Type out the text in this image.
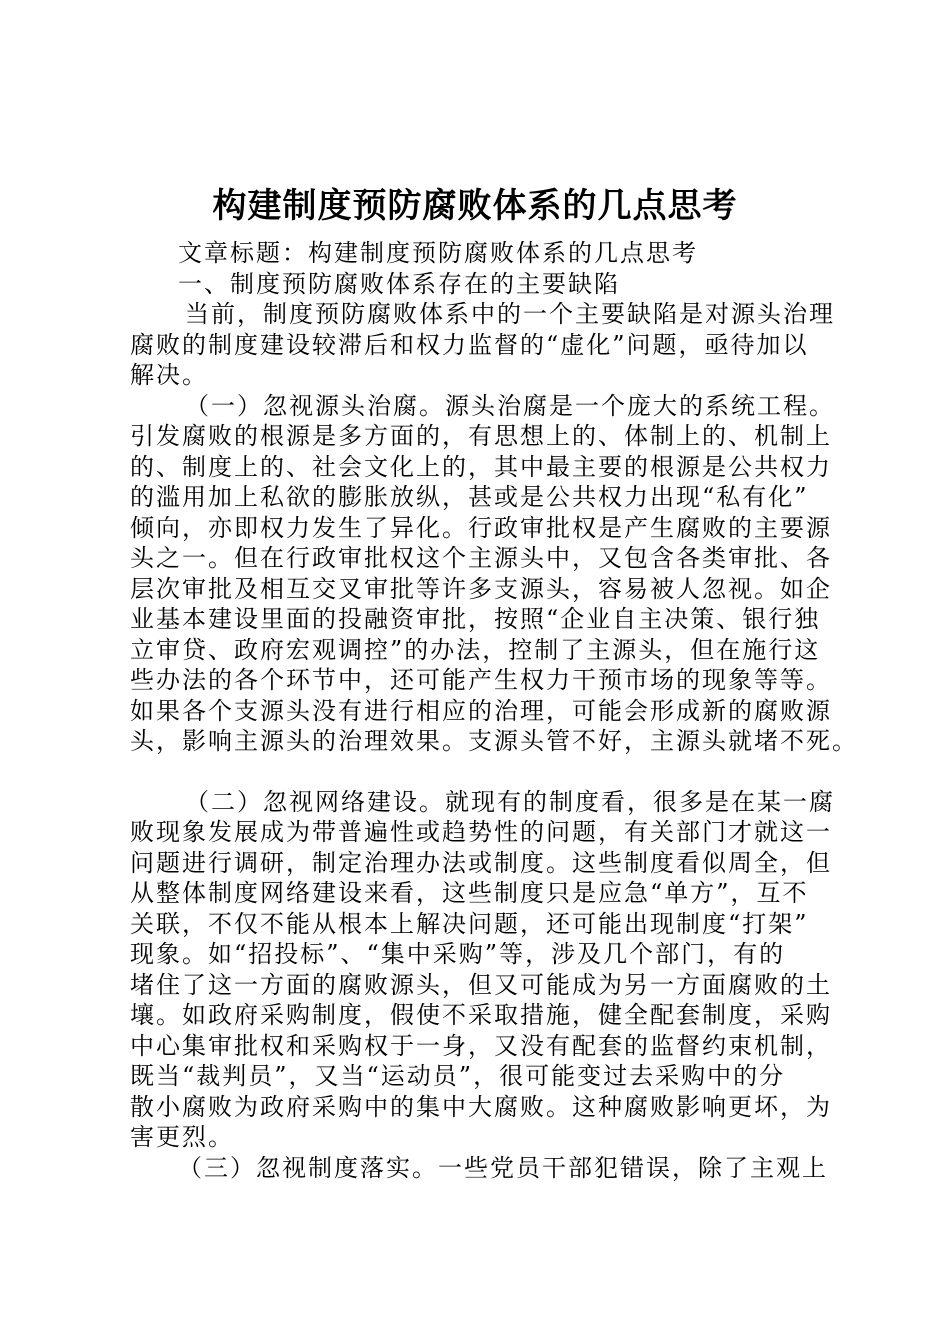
构建制度预防腐败体系的几点思考
文章标题：构建制度预防腐败体系的几点思考
一、制度预防腐败体系存在的主要缺陷
当前，制度预防腐败体系中的一个主要缺陷是对源头治理
腐败的制度建设较滞后和权力监督的“虚化”问题，亟待加以
解决。
（一）忽视源头治腐。源头治腐是一个庞大的系统工程。
引发腐败的根源是多方面的，有思想上的、体制上的、机制上
的、制度上的、社会文化上的，其中最主要的根源是公共权力
的滥用加上私欲的膨胀放纵，甚或是公共权力出现“私有化”
倾向，亦即权力发生了异化。行政审批权是产生腐败的主要源
头之一。但在行政审批权这个主源头中，又包含各类审批、各
层次审批及相互交叉审批等许多支源头，容易被人忽视。如企
业基本建设里面的投融资审批，按照“企业自主决策、银行独
立审贷、政府宏观调控”的办法，控制了主源头，但在施行这
些办法的各个环节中，还可能产生权力干预市场的现象等等。
如果各个支源头没有进行相应的治理，可能会形成新的腐败源
头，影响主源头的治理效果。支源头管不好，主源头就堵不死。
（二）忽视网络建设。就现有的制度看，很多是在某一腐
败现象发展成为带普遍性或趋势性的问题，有关部门才就这一
问题进行调研，制定治理办法或制度。这些制度看似周全，但
从整体制度网络建设来看，这些制度只是应急“单方”，互不
关联，不仅不能从根本上解决问题，还可能出现制度“打架”
现象。如“招投标”、“集中采购”等，涉及几个部门，有的
堵住了这一方面的腐败源头，但又可能成为另一方面腐败的土
壤。如政府采购制度，假使不采取措施，健全配套制度，采购
中心集审批权和采购权于一身，又没有配套的监督约束机制，
既当“裁判员”，又当“运动员”，很可能变过去采购中的分
散小腐败为政府采购中的集中大腐败。这种腐败影响更坏，为
害更烈。
（三）忽视制度落实。一些党员干部犯错误，除了主观上
